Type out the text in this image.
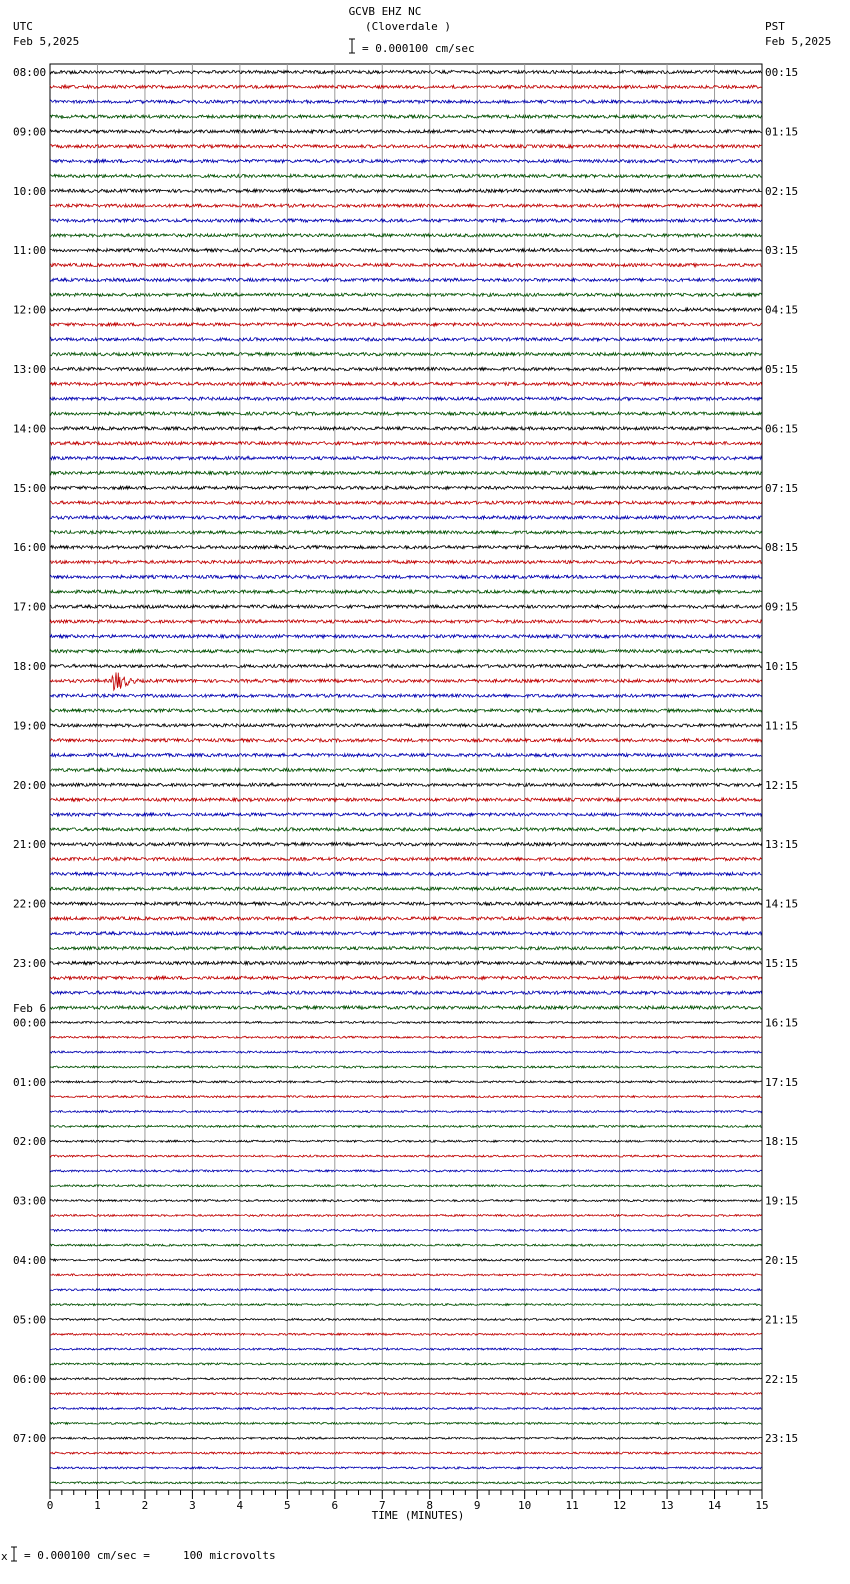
GCVB EHZ NC
(Cloverdale )
= 0.000100 cm/sec
UTC
Feb 5,2025
PST
Feb 5,2025
08:00
09:00
10:00
11:00
12:00
13:00
14:00
15:00
16:00
17:00
18:00
19:00
20:00
21:00
22:00
23:00
00:00
01:00
02:00
03:00
04:00
05:00
06:00
07:00
00:15
01:15
02:15
03:15
04:15
05:15
06:15
07:15
08:15
09:15
10:15
11:15
12:15
13:15
14:15
15:15
16:15
17:15
18:15
19:15
20:15
21:15
22:15
23:15
Feb 6
0	1	2	3	4	5	6	7	8	9	10	11	12	13	14	15
TIME (MINUTES)
x = 0.000100 cm/sec =     100 microvolts
